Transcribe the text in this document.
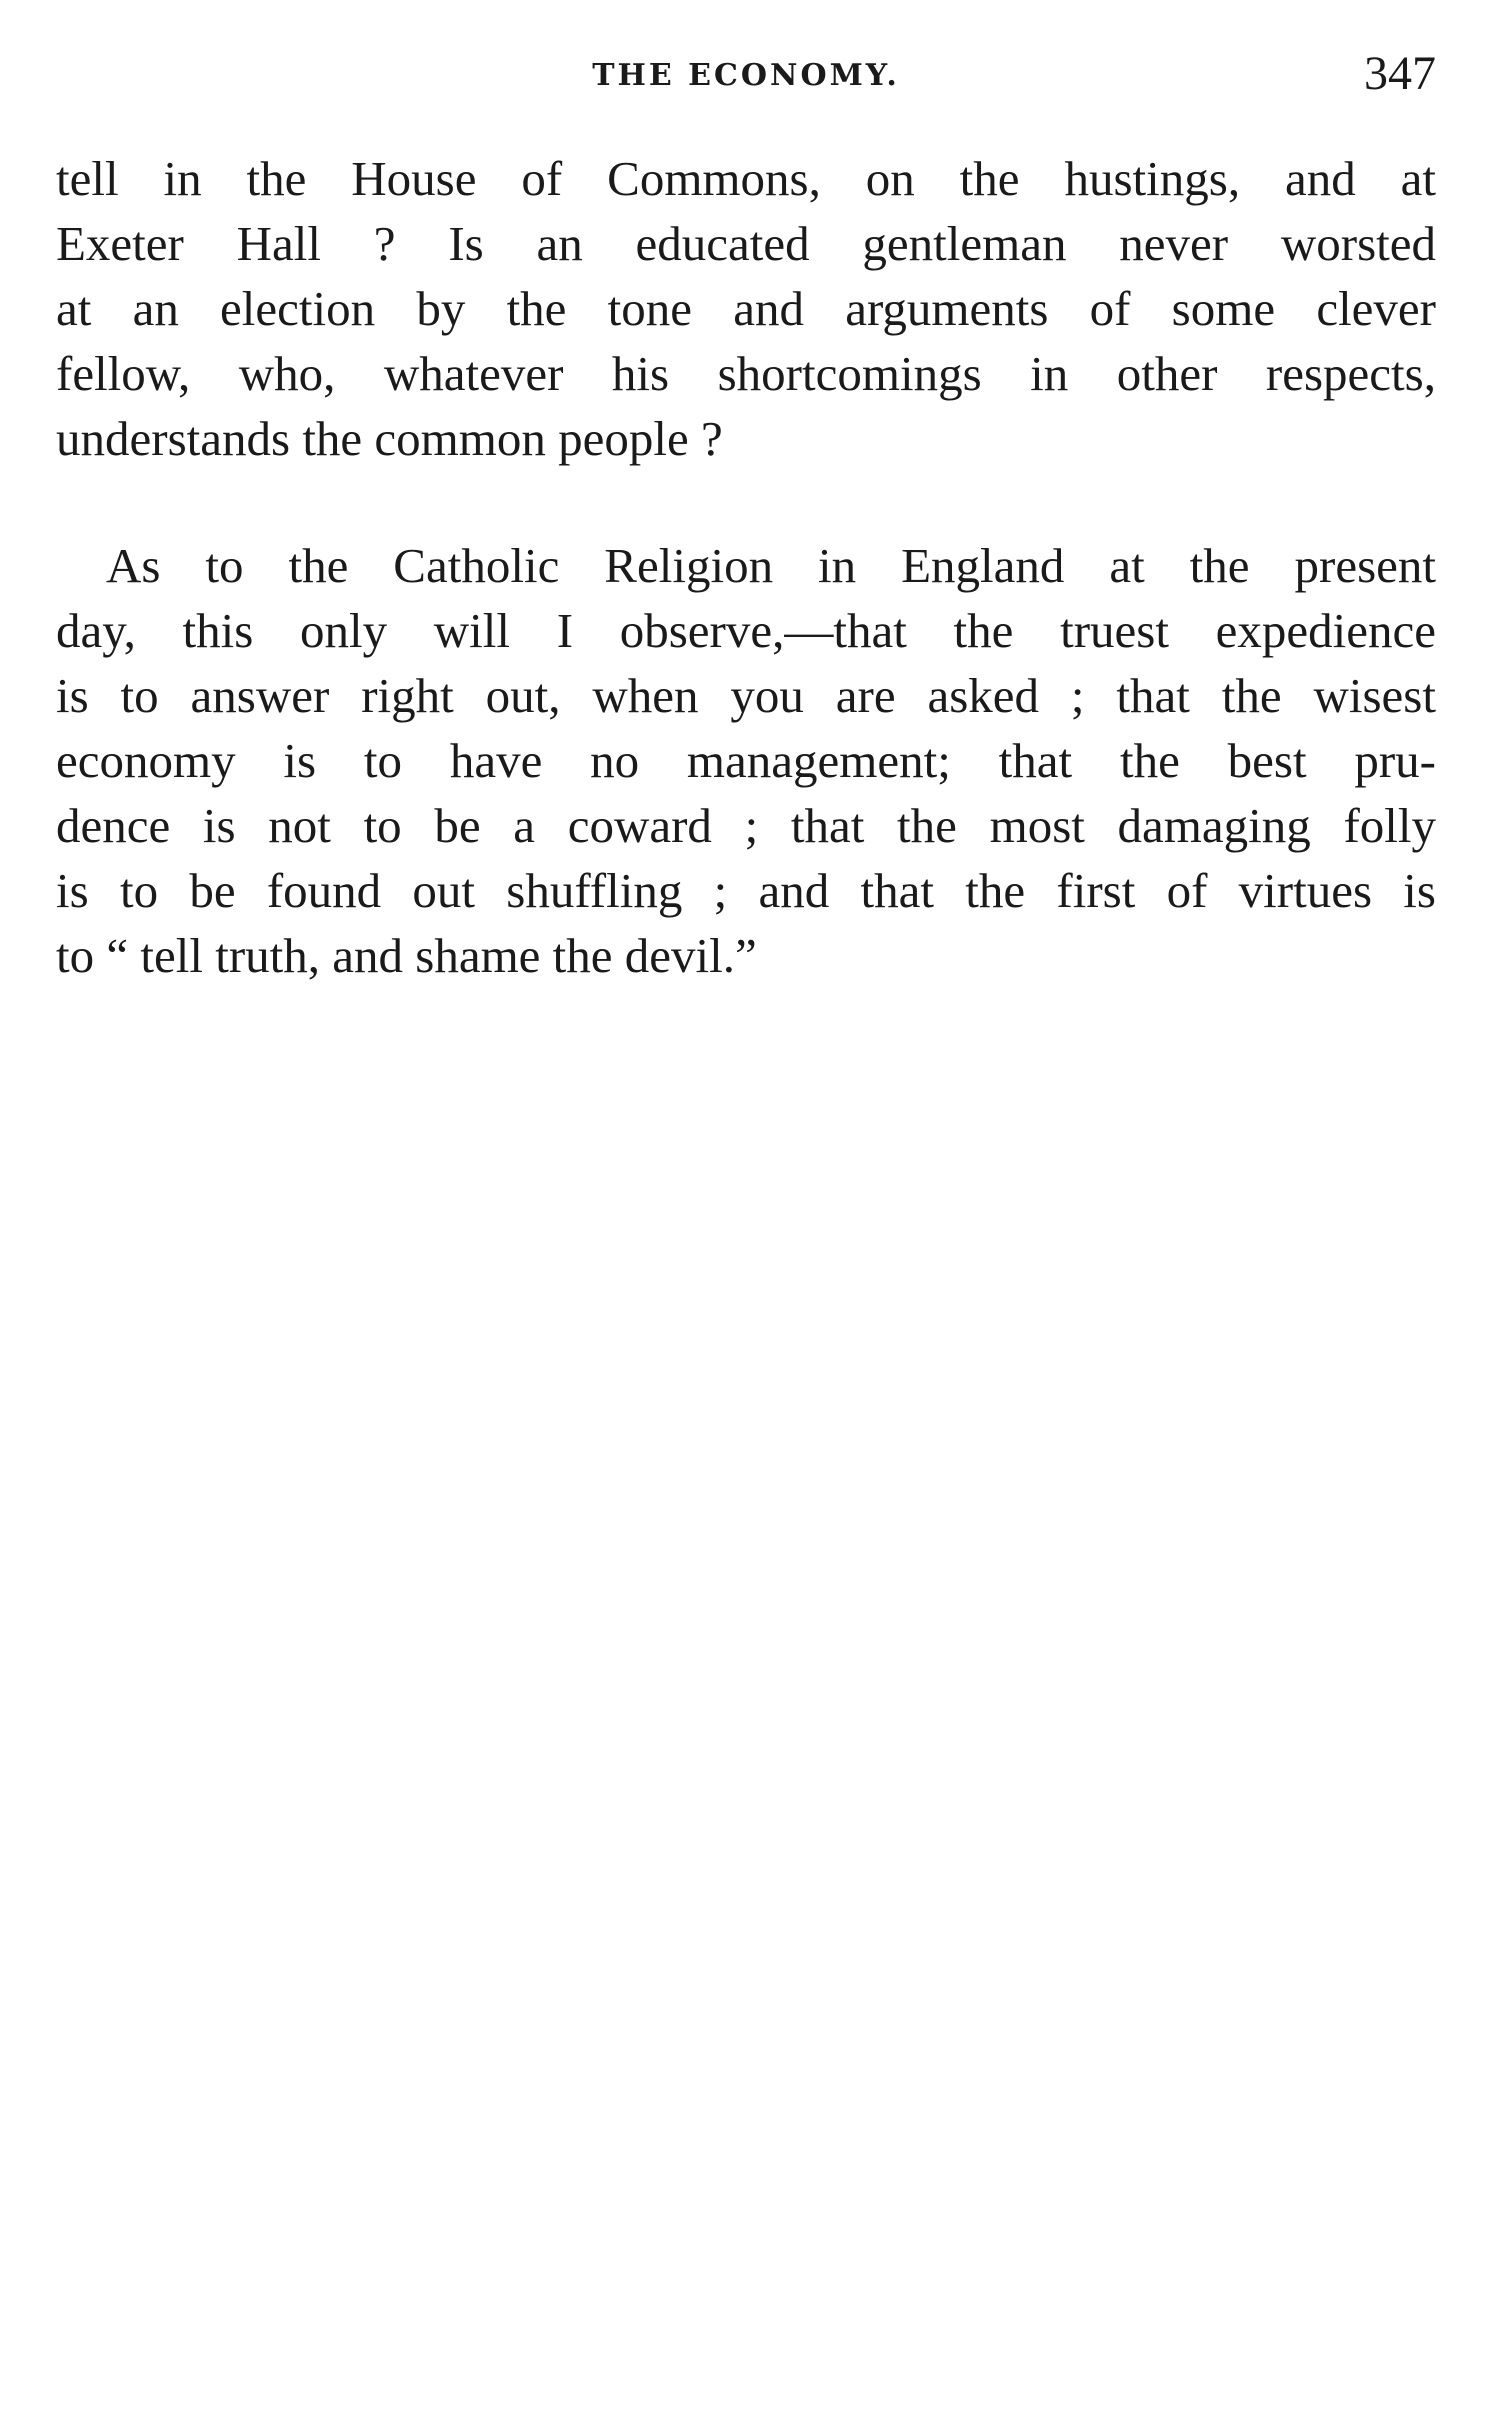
THE ECONOMY.	347
tell in the House of Commons, on the hustings, and at
Exeter Hall ? Is an educated gentleman never worsted
at an election by the tone and arguments of some clever
fellow, who, whatever his shortcomings in other respects,
understands the common people ?
As to the Catholic Religion in England at the present
day, this only will I observe,—that the truest expedience
is to answer right out, when you are asked ; that the wisest
economy is to have no management; that the best pru-
dence is not to be a coward ; that the most damaging folly
is to be found out shuffling ; and that the first of virtues is
to “ tell truth, and shame the devil.”
